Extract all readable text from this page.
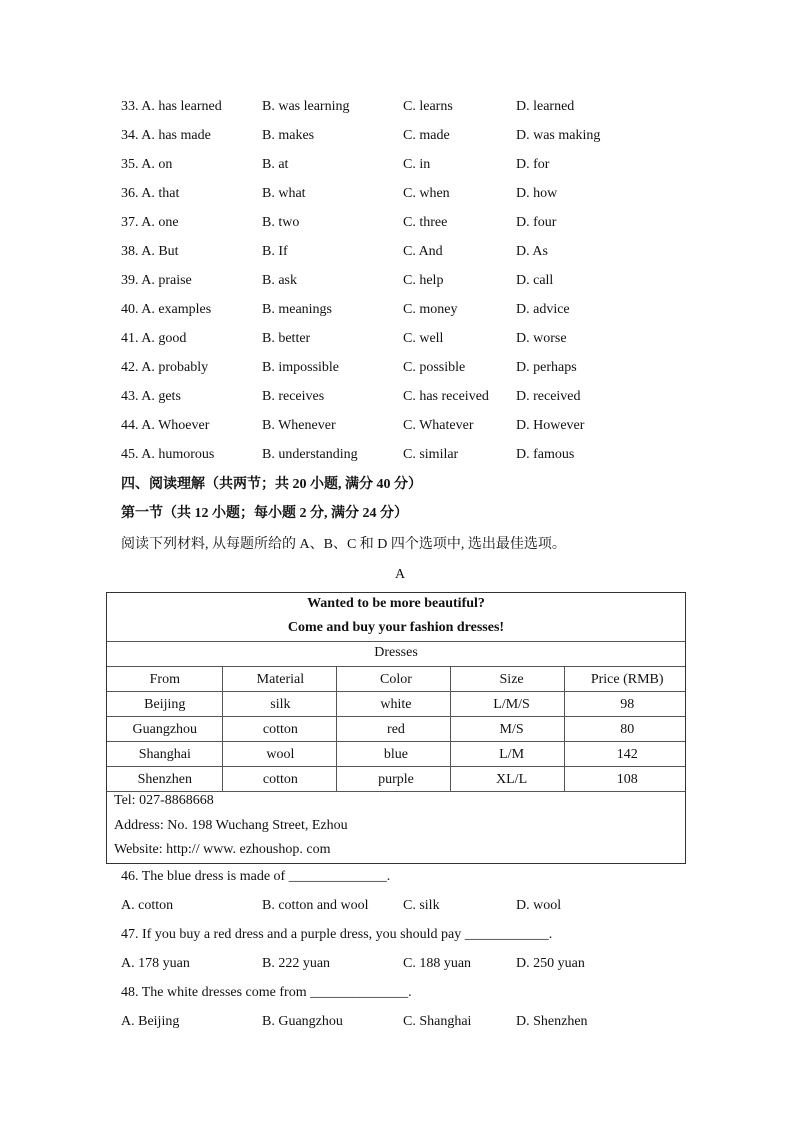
33. A. has learned	B. was learning	C. learns	D. learned
34. A. has made	B. makes	C. made	D. was making
35. A. on	B. at	C. in	D. for
36. A. that	B. what	C. when	D. how
37. A. one	B. two	C. three	D. four
38. A. But	B. If	C. And	D. As
39. A. praise	B. ask	C. help	D. call
40. A. examples	B. meanings	C. money	D. advice
41. A. good	B. better	C. well	D. worse
42. A. probably	B. impossible	C. possible	D. perhaps
43. A. gets	B. receives	C. has received D. received
44. A. Whoever	B. Whenever	C. Whatever	D. However
45. A. humorous	B. understanding	C. similar	D. famous
四、阅读理解（共两节；共 20 小题, 满分 40 分）
第一节（共 12 小题；每小题 2 分, 满分 24 分）
阅读下列材料, 从每题所给的 A、B、C 和 D 四个选项中, 选出最佳选项。
A
Wanted to be more beautiful?
Come and buy your fashion dresses!
Dresses
From	Material	Color	Size	Price (RMB)
Beijing	silk	white	L/M/S	98
Guangzhou	cotton	red	M/S	80
Shanghai	wool	blue	L/M	142
Shenzhen	cotton	purple	XL/L	108
Tel: 027-8868668
Address: No. 198 Wuchang Street, Ezhou
Website: http:// www. ezhoushop. com
46. The blue dress is made of ______________.
A. cotton	B. cotton and wool C. silk	D. wool
47. If you buy a red dress and a purple dress, you should pay ____________.
A. 178 yuan	B. 222 yuan	C. 188 yuan	D. 250 yuan
48. The white dresses come from ______________.
A. Beijing	B. Guangzhou	C. Shanghai	D. Shenzhen
